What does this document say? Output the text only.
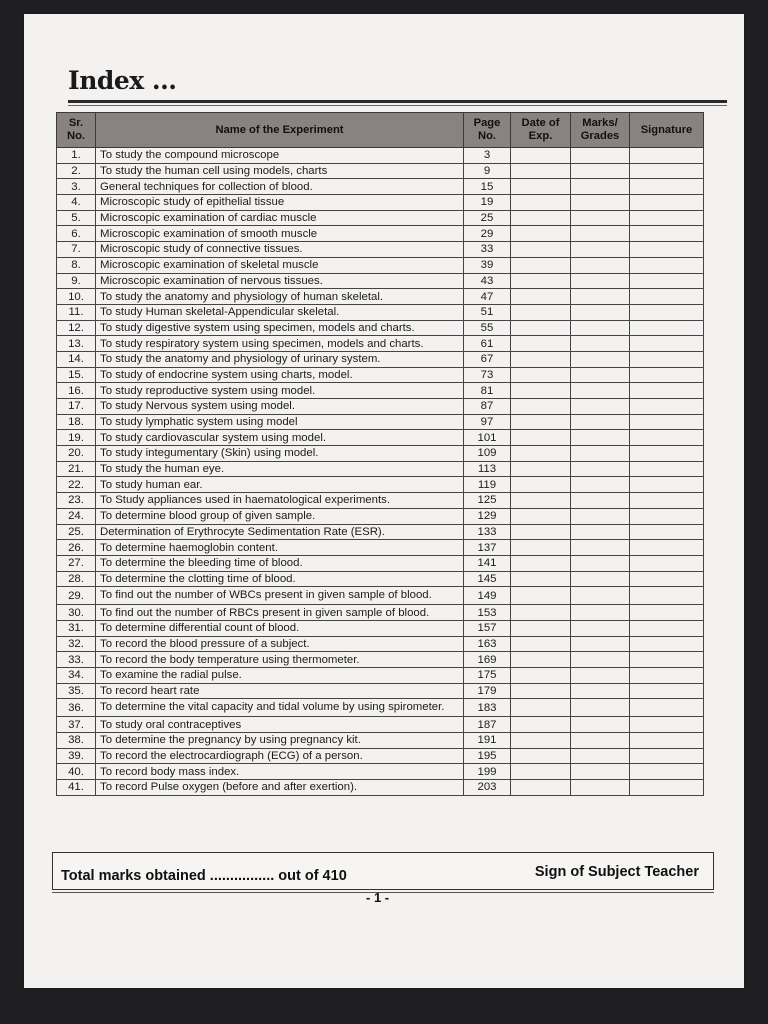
Index ...
Sr. No.	Name of the Experiment	Page No.	Date of Exp.	Marks/ Grades	Signature
1.	To study the compound microscope	3			
2.	To study the human cell using models, charts	9			
3.	General techniques for collection of blood.	15			
4.	Microscopic study of epithelial tissue	19			
5.	Microscopic examination of cardiac muscle	25			
6.	Microscopic examination of smooth muscle	29			
7.	Microscopic study of connective tissues.	33			
8.	Microscopic examination of skeletal muscle	39			
9.	Microscopic examination of nervous tissues.	43			
10.	To study the anatomy and physiology of human skeletal.	47			
11.	To study Human skeletal-Appendicular skeletal.	51			
12.	To study digestive system using specimen, models and charts.	55			
13.	To study respiratory system using specimen, models and charts.	61			
14.	To study the anatomy and physiology of urinary system.	67			
15.	To study of endocrine system using charts, model.	73			
16.	To study reproductive system using model.	81			
17.	To study Nervous system using model.	87			
18.	To study lymphatic system using model	97			
19.	To study cardiovascular system using model.	101			
20.	To study integumentary (Skin) using model.	109			
21.	To study the human eye.	113			
22.	To study human ear.	119			
23.	To Study appliances used in haematological experiments.	125			
24.	To determine blood group of given sample.	129			
25.	Determination of Erythrocyte Sedimentation Rate (ESR).	133			
26.	To determine haemoglobin content.	137			
27.	To determine the bleeding time of blood.	141			
28.	To determine the clotting time of blood.	145			
29.	To find out the number of WBCs present in given sample of blood.	149			
30.	To find out the number of RBCs present in given sample of blood.	153			
31.	To determine differential count of blood.	157			
32.	To record the blood pressure of a subject.	163			
33.	To record the body temperature using thermometer.	169			
34.	To examine the radial pulse.	175			
35.	To record heart rate	179			
36.	To determine the vital capacity and tidal volume by using spirometer.	183			
37.	To study oral contraceptives	187			
38.	To determine the pregnancy by using pregnancy kit.	191			
39.	To record the electrocardiograph (ECG) of a person.	195			
40.	To record body mass index.	199			
41.	To record Pulse oxygen (before and after exertion).	203			
Total marks obtained ................ out of 410	Sign of Subject Teacher
- 1 -
